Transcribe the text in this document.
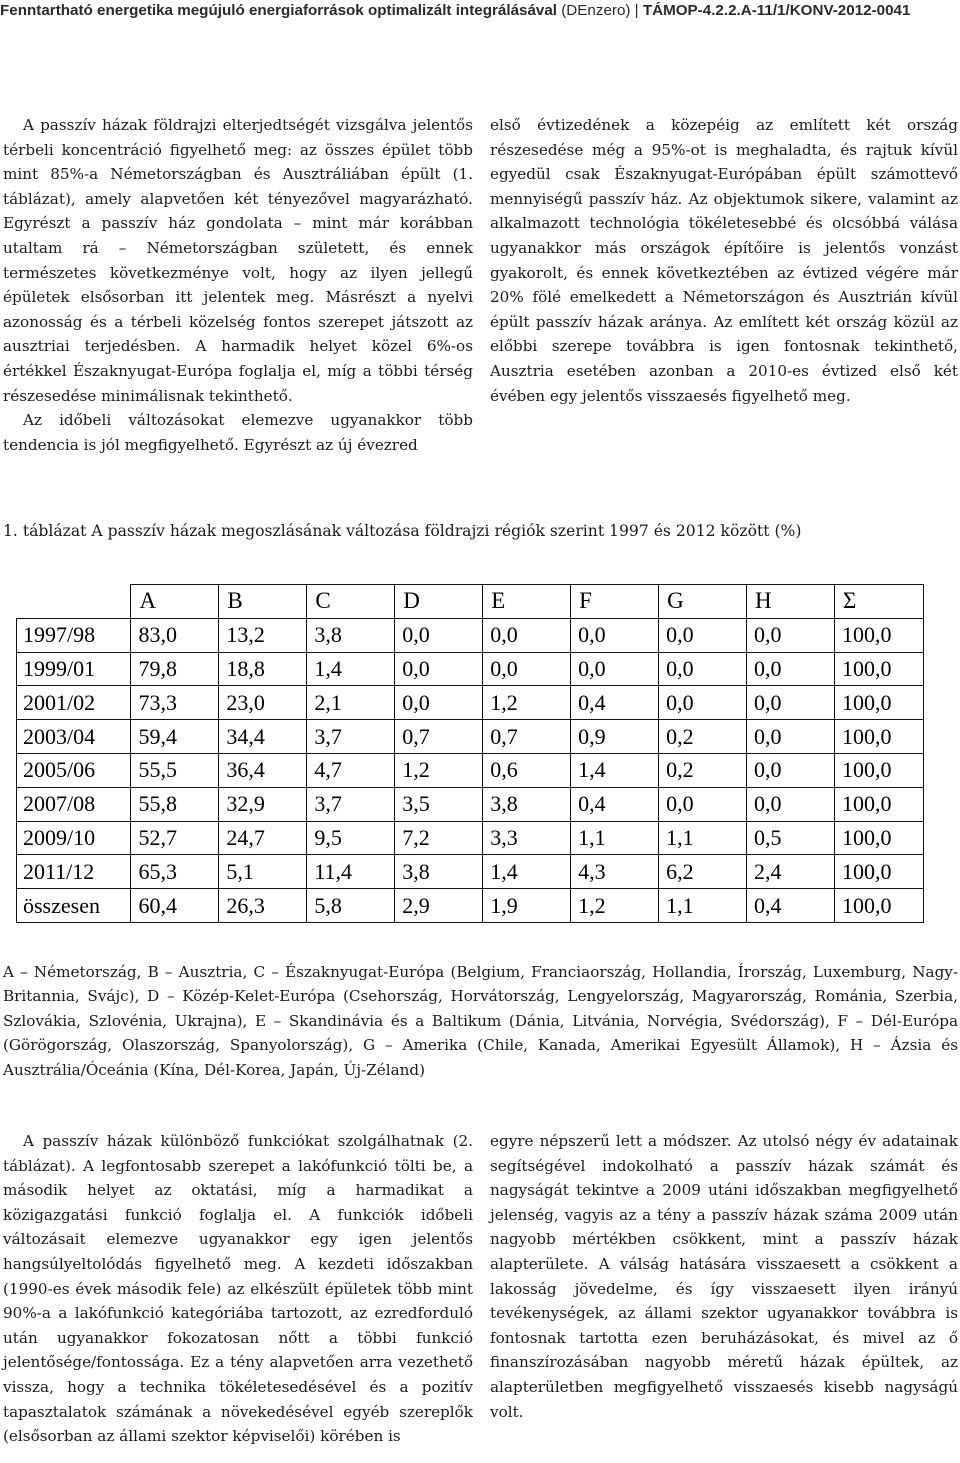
Fenntartható energetika megújuló energiaforrások optimalizált integrálásával (DEnzero) | TÁMOP-4.2.2.A-11/1/KONV-2012-0041

A passzív házak földrajzi elterjedtségét vizsgálva jelentős térbeli koncentráció figyelhető meg: az összes épület több mint 85%-a Németországban és Ausztráliában épült (1. táblázat), amely alapvetően két tényezővel magyarázható. Egyrészt a passzív ház gondolata – mint már korábban utaltam rá – Németországban született, és ennek természetes következménye volt, hogy az ilyen jellegű épületek elsősorban itt jelentek meg. Másrészt a nyelvi azonosság és a térbeli közelség fontos szerepet játszott az ausztriai terjedésben. A harmadik helyet közel 6%-os értékkel Északnyugat-Európa foglalja el, míg a többi térség részesedése minimálisnak tekinthető.

Az időbeli változásokat elemezve ugyanakkor több tendencia is jól megfigyelhető. Egyrészt az új évezred

első évtizedének a közepéig az említett két ország részesedése még a 95%-ot is meghaladta, és rajtuk kívül egyedül csak Északnyugat-Európában épült számottevő mennyiségű passzív ház. Az objektumok sikere, valamint az alkalmazott technológia tökéletesebbé és olcsóbbá válása ugyanakkor más országok építőire is jelentős vonzást gyakorolt, és ennek következtében az évtized végére már 20% fölé emelkedett a Németországon és Ausztrián kívül épült passzív házak aránya. Az említett két ország közül az előbbi szerepe továbbra is igen fontosnak tekinthető, Ausztria esetében azonban a 2010-es évtized első két évében egy jelentős visszaesés figyelhető meg.

1. táblázat A passzív házak megoszlásának változása földrajzi régiók szerint 1997 és 2012 között (%)
	A	B	C	D	E	F	G	H	Σ
1997/98	83,0	13,2	3,8	0,0	0,0	0,0	0,0	0,0	100,0
1999/01	79,8	18,8	1,4	0,0	0,0	0,0	0,0	0,0	100,0
2001/02	73,3	23,0	2,1	0,0	1,2	0,4	0,0	0,0	100,0
2003/04	59,4	34,4	3,7	0,7	0,7	0,9	0,2	0,0	100,0
2005/06	55,5	36,4	4,7	1,2	0,6	1,4	0,2	0,0	100,0
2007/08	55,8	32,9	3,7	3,5	3,8	0,4	0,0	0,0	100,0
2009/10	52,7	24,7	9,5	7,2	3,3	1,1	1,1	0,5	100,0
2011/12	65,3	5,1	11,4	3,8	1,4	4,3	6,2	2,4	100,0
összesen	60,4	26,3	5,8	2,9	1,9	1,2	1,1	0,4	100,0
A – Németország, B – Ausztria, C – Északnyugat-Európa (Belgium, Franciaország, Hollandia, Írország, Luxemburg, Nagy-Britannia, Svájc), D – Közép-Kelet-Európa (Csehország, Horvátország, Lengyelország, Magyarország, Románia, Szerbia, Szlovákia, Szlovénia, Ukrajna), E – Skandinávia és a Baltikum (Dánia, Litvánia, Norvégia, Svédország), F – Dél-Európa (Görögország, Olaszország, Spanyolország), G – Amerika (Chile, Kanada, Amerikai Egyesült Államok), H – Ázsia és Ausztrália/Óceánia (Kína, Dél-Korea, Japán, Új-Zéland)

A passzív házak különböző funkciókat szolgálhatnak (2. táblázat). A legfontosabb szerepet a lakófunkció tölti be, a második helyet az oktatási, míg a harmadikat a közigazgatási funkció foglalja el. A funkciók időbeli változásait elemezve ugyanakkor egy igen jelentős hangsúlyeltolódás figyelhető meg. A kezdeti időszakban (1990-es évek második fele) az elkészült épületek több mint 90%-a a lakófunkció kategóriába tartozott, az ezredforduló után ugyanakkor fokozatosan nőtt a többi funkció jelentősége/fontossága. Ez a tény alapvetően arra vezethető vissza, hogy a technika tökéletesedésével és a pozitív tapasztalatok számának a növekedésével egyéb szereplők (elsősorban az állami szektor képviselői) körében is

egyre népszerű lett a módszer. Az utolsó négy év adatainak segítségével indokolható a passzív házak számát és nagyságát tekintve a 2009 utáni időszakban megfigyelhető jelenség, vagyis az a tény a passzív házak száma 2009 után nagyobb mértékben csökkent, mint a passzív házak alapterülete. A válság hatására visszaesett a csökkent a lakosság jövedelme, és így visszaesett ilyen irányú tevékenységek, az állami szektor ugyanakkor továbbra is fontosnak tartotta ezen beruházásokat, és mivel az ő finanszírozásában nagyobb méretű házak épültek, az alapterületben megfigyelhető visszaesés kisebb nagyságú volt.
